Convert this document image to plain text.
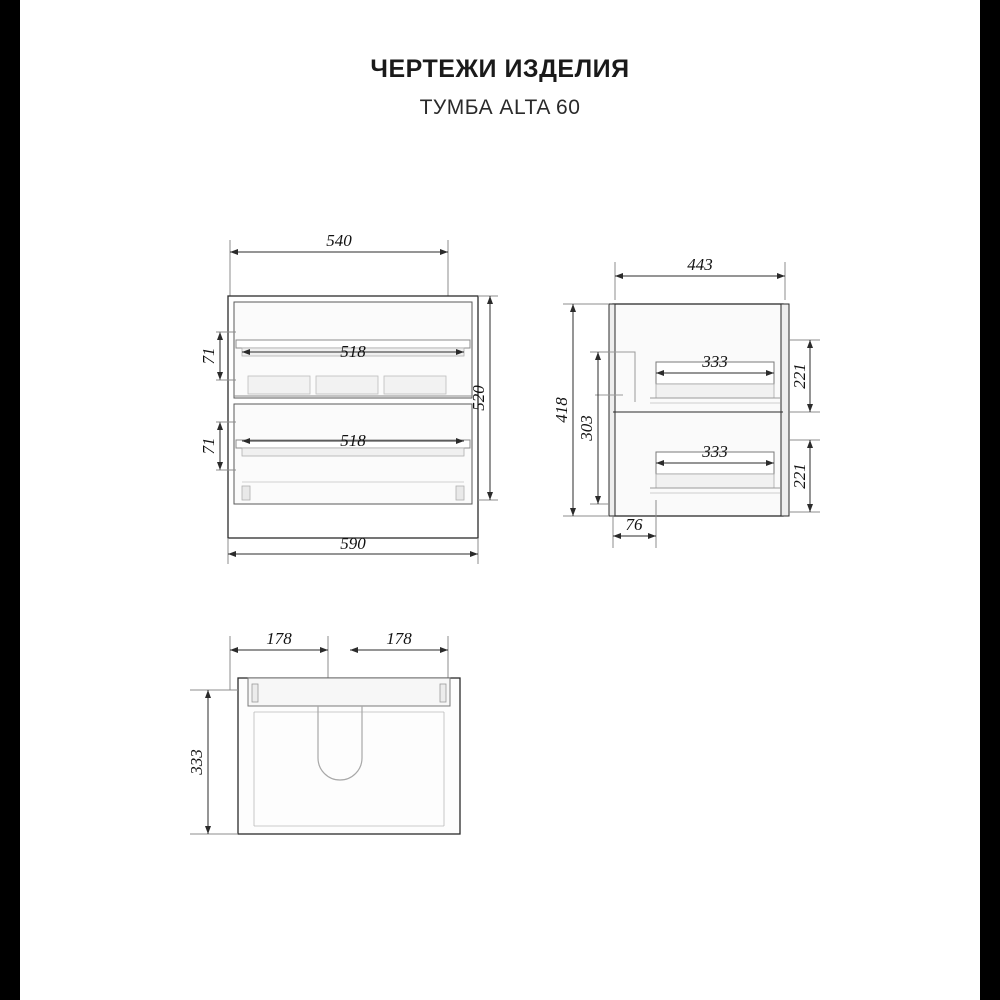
ЧЕРТЕЖИ ИЗДЕЛИЯ
ТУМБА ALTA 60
540
518
518
71
71
520
590
443
333
333
221
221
418
303
76
178	178
333
